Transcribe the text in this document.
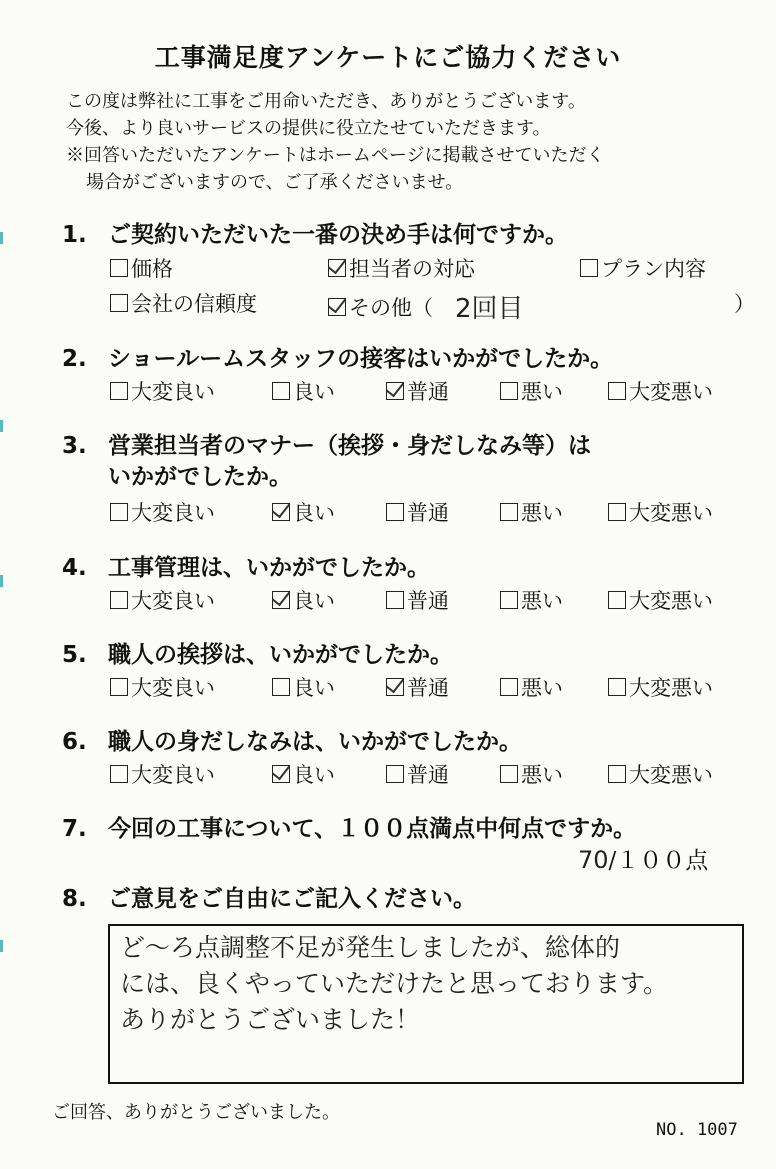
工事満足度アンケートにご協力ください
この度は弊社に工事をご用命いただき、ありがとうございます。
今後、より良いサービスの提供に役立たせていただきます。
※回答いただいたアンケートはホームページに掲載させていただく
場合がございますので、ご了承くださいませ。
1. ご契約いただいた一番の決め手は何ですか。
価格	担当者の対応	プラン内容
会社の信頼度	その他（ 2回目	）
2. ショールームスタッフの接客はいかがでしたか。
大変良い	良い	普通	悪い	大変悪い
3. 営業担当者のマナー（挨拶・身だしなみ等）は
いかがでしたか。
大変良い	良い	普通	悪い	大変悪い
4. 工事管理は、いかがでしたか。
大変良い	良い	普通	悪い	大変悪い
5. 職人の挨拶は、いかがでしたか。
大変良い	良い	普通	悪い	大変悪い
6. 職人の身だしなみは、いかがでしたか。
大変良い	良い	普通	悪い	大変悪い
7. 今回の工事について、１００点満点中何点ですか。
70/１００点
8. ご意見をご自由にご記入ください。
ど～ろ点調整不足が発生しましたが、総体的
には、良くやっていただけたと思っております。
ありがとうございました！
ご回答、ありがとうございました。
NO. 1007
